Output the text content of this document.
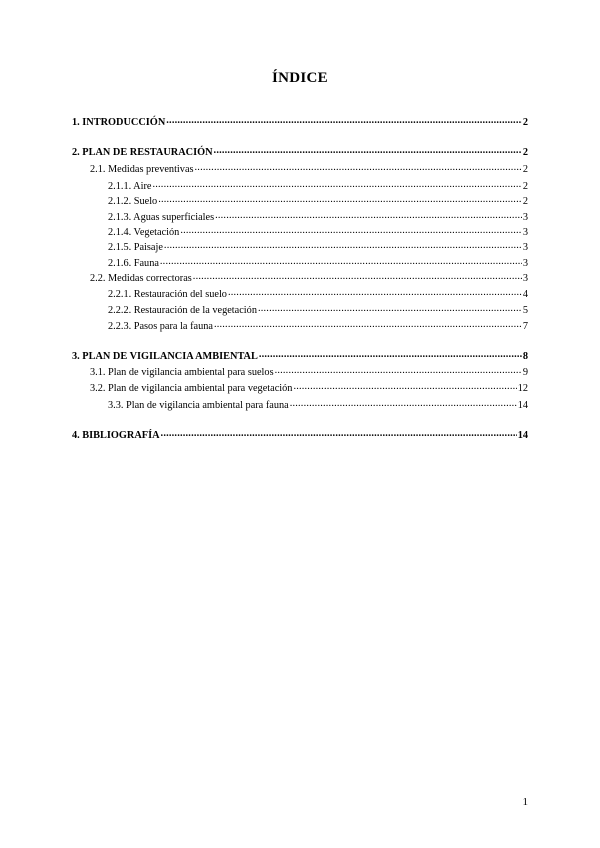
ÍNDICE
1. INTRODUCCIÓN .....	2
2. PLAN DE RESTAURACIÓN .....	2
2.1. Medidas preventivas .....	2
2.1.1. Aire .....	2
2.1.2. Suelo .....	2
2.1.3. Aguas superficiales .....	3
2.1.4. Vegetación .....	3
2.1.5. Paisaje .....	3
2.1.6. Fauna .....	3
2.2. Medidas correctoras .....	3
2.2.1. Restauración del suelo .....	4
2.2.2. Restauración de la vegetación .....	5
2.2.3. Pasos para la fauna .....	7
3. PLAN DE VIGILANCIA AMBIENTAL .....	8
3.1. Plan de vigilancia ambiental para suelos .....	9
3.2. Plan de vigilancia ambiental para vegetación .....	12
3.3. Plan de vigilancia ambiental para fauna .....	14
4. BIBLIOGRAFÍA .....	14
1
